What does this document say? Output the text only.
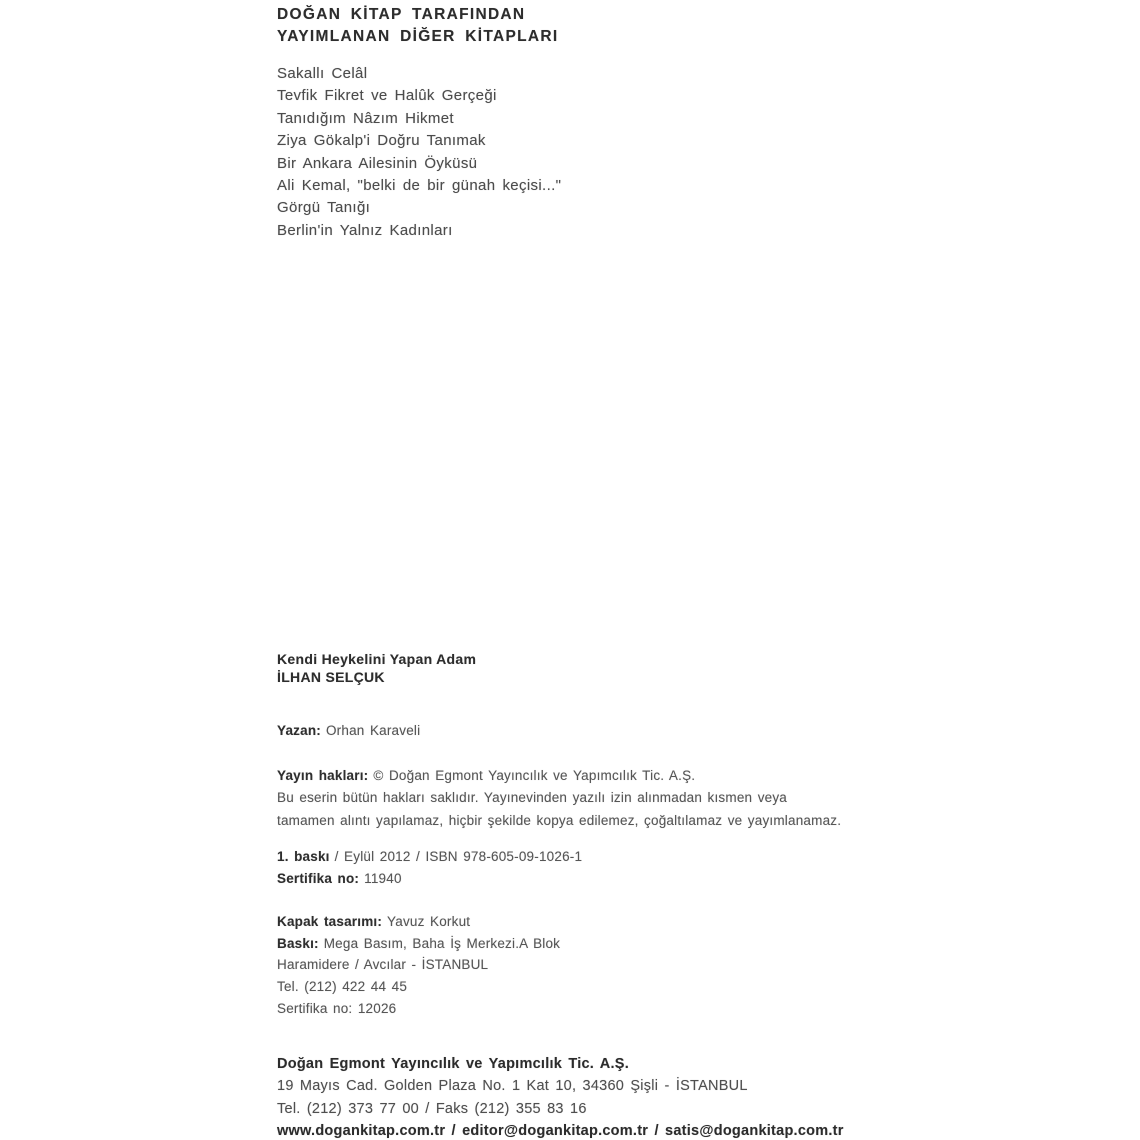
DOĞAN KİTAP TARAFINDAN
YAYIMLANAN DİĞER KİTAPLARI
Sakallı Celâl
Tevfik Fikret ve Halûk Gerçeği
Tanıdığım Nâzım Hikmet
Ziya Gökalp'i Doğru Tanımak
Bir Ankara Ailesinin Öyküsü
Ali Kemal, "belki de bir günah keçisi..."
Görgü Tanığı
Berlin'in Yalnız Kadınları
Kendi Heykelini Yapan Adam
İLHAN SELÇUK
Yazan: Orhan Karaveli
Yayın hakları: © Doğan Egmont Yayıncılık ve Yapımcılık Tic. A.Ş.
Bu eserin bütün hakları saklıdır. Yayınevinden yazılı izin alınmadan kısmen veya
tamamen alıntı yapılamaz, hiçbir şekilde kopya edilemez, çoğaltılamaz ve yayımlanamaz.
1. baskı / Eylül 2012 / ISBN 978-605-09-1026-1
Sertifika no: 11940
Kapak tasarımı: Yavuz Korkut
Baskı: Mega Basım, Baha İş Merkezi.A Blok
Haramidere / Avcılar - İSTANBUL
Tel. (212) 422 44 45
Sertifika no: 12026
Doğan Egmont Yayıncılık ve Yapımcılık Tic. A.Ş.
19 Mayıs Cad. Golden Plaza No. 1 Kat 10, 34360 Şişli - İSTANBUL
Tel. (212) 373 77 00 / Faks (212) 355 83 16
www.dogankitap.com.tr / editor@dogankitap.com.tr / satis@dogankitap.com.tr
